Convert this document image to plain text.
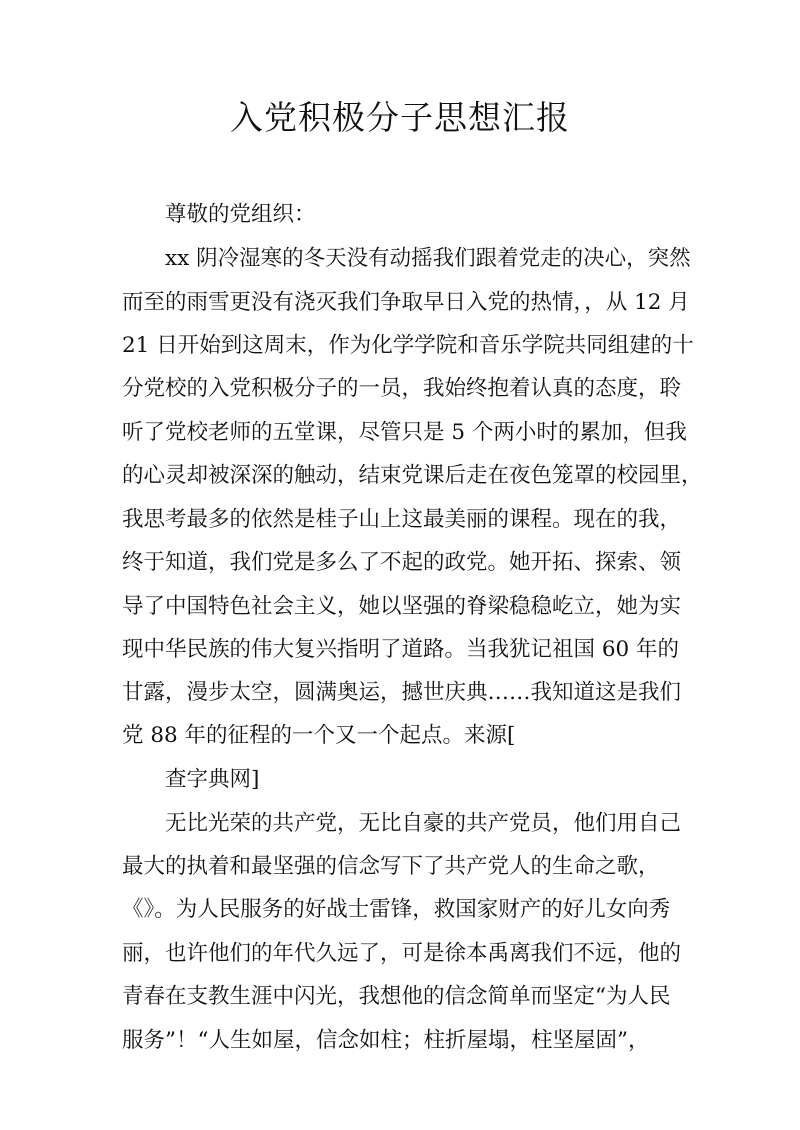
入党积极分子思想汇报
尊敬的党组织：
xx 阴冷湿寒的冬天没有动摇我们跟着党走的决心，突然
而至的雨雪更没有浇灭我们争取早日入党的热情，，从 12 月
21 日开始到这周末，作为化学学院和音乐学院共同组建的十
分党校的入党积极分子的一员，我始终抱着认真的态度，聆
听了党校老师的五堂课，尽管只是 5 个两小时的累加，但我
的心灵却被深深的触动，结束党课后走在夜色笼罩的校园里，
我思考最多的依然是桂子山上这最美丽的课程。现在的我，
终于知道，我们党是多么了不起的政党。她开拓、探索、领
导了中国特色社会主义，她以坚强的脊梁稳稳屹立，她为实
现中华民族的伟大复兴指明了道路。当我犹记祖国 60 年的
甘露，漫步太空，圆满奥运，撼世庆典……我知道这是我们
党 88 年的征程的一个又一个起点。来源[
查字典网]
无比光荣的共产党，无比自豪的共产党员，他们用自己
最大的执着和最坚强的信念写下了共产党人的生命之歌，
《》。为人民服务的好战士雷锋，救国家财产的好儿女向秀
丽，也许他们的年代久远了，可是徐本禹离我们不远，他的
青春在支教生涯中闪光，我想他的信念简单而坚定“为人民
服务”！“人生如屋，信念如柱；柱折屋塌，柱坚屋固”，
